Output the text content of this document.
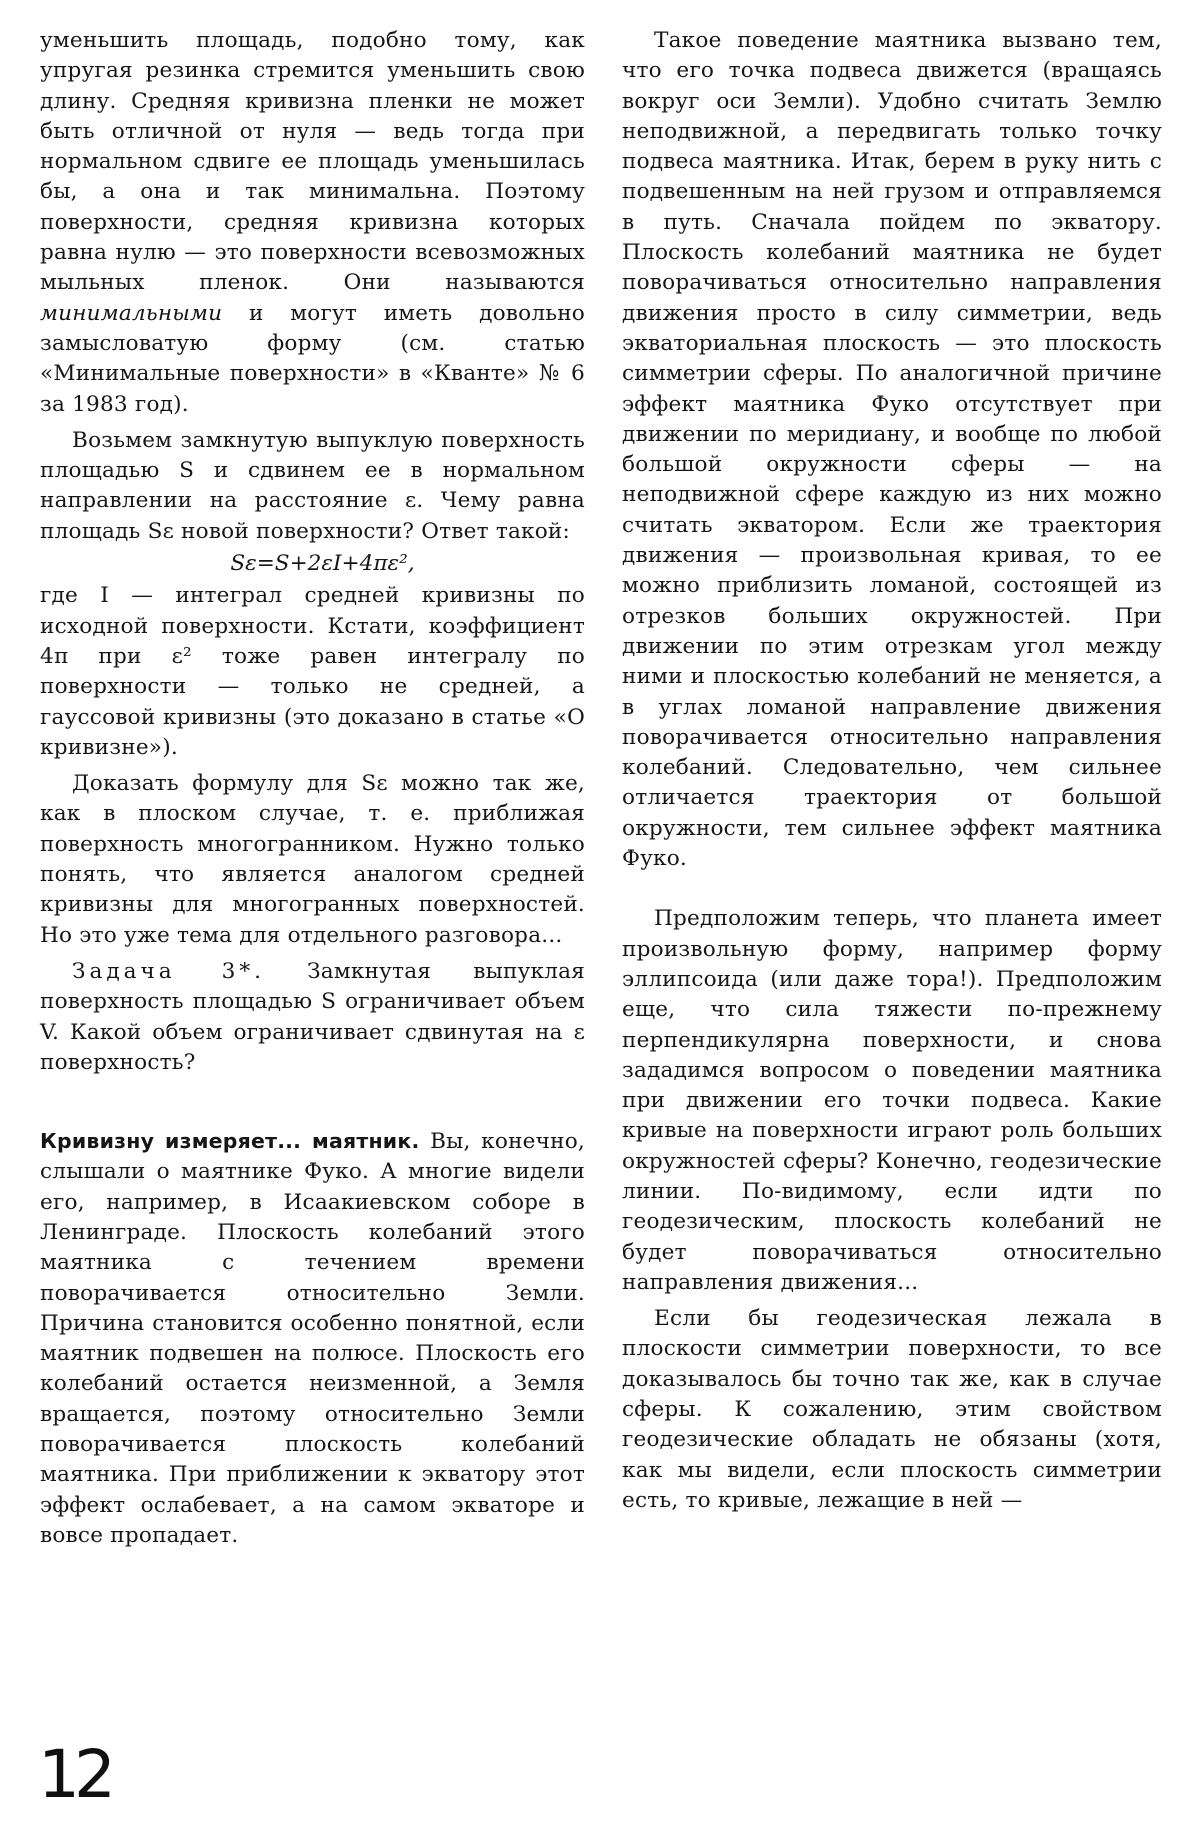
уменьшить площадь, подобно тому, как упругая резинка стремится уменьшить свою длину. Средняя кривизна пленки не может быть отличной от нуля — ведь тогда при нормальном сдвиге ее площадь уменьшилась бы, а она и так минимальна. Поэтому поверхности, средняя кривизна которых равна нулю — это поверхности всевозможных мыльных пленок. Они называются минимальными и могут иметь довольно замысловатую форму (см. статью «Минимальные поверхности» в «Кванте» № 6 за 1983 год).

Возьмем замкнутую выпуклую поверхность площадью S и сдвинем ее в нормальном направлении на расстояние ε. Чему равна площадь Sε новой поверхности? Ответ такой:

Sε=S+2εI+4πε²,

где I — интеграл средней кривизны по исходной поверхности. Кстати, коэффициент 4π при ε² тоже равен интегралу по поверхности — только не средней, а гауссовой кривизны (это доказано в статье «О кривизне»).

Доказать формулу для Sε можно так же, как в плоском случае, т. е. приближая поверхность многогранником. Нужно только понять, что является аналогом средней кривизны для многогранных поверхностей. Но это уже тема для отдельного разговора...

Задача 3*. Замкнутая выпуклая поверхность площадью S ограничивает объем V. Какой объем ограничивает сдвинутая на ε поверхность?

Кривизну измеряет... маятник. Вы, конечно, слышали о маятнике Фуко. А многие видели его, например, в Исаакиевском соборе в Ленинграде. Плоскость колебаний этого маятника с течением времени поворачивается относительно Земли. Причина становится особенно понятной, если маятник подвешен на полюсе. Плоскость его колебаний остается неизменной, а Земля вращается, поэтому относительно Земли поворачивается плоскость колебаний маятника. При приближении к экватору этот эффект ослабевает, а на самом экваторе и вовсе пропадает.

Такое поведение маятника вызвано тем, что его точка подвеса движется (вращаясь вокруг оси Земли). Удобно считать Землю неподвижной, а передвигать только точку подвеса маятника. Итак, берем в руку нить с подвешенным на ней грузом и отправляемся в путь. Сначала пойдем по экватору. Плоскость колебаний маятника не будет поворачиваться относительно направления движения просто в силу симметрии, ведь экваториальная плоскость — это плоскость симметрии сферы. По аналогичной причине эффект маятника Фуко отсутствует при движении по меридиану, и вообще по любой большой окружности сферы — на неподвижной сфере каждую из них можно считать экватором. Если же траектория движения — произвольная кривая, то ее можно приблизить ломаной, состоящей из отрезков больших окружностей. При движении по этим отрезкам угол между ними и плоскостью колебаний не меняется, а в углах ломаной направление движения поворачивается относительно направления колебаний. Следовательно, чем сильнее отличается траектория от большой окружности, тем сильнее эффект маятника Фуко.

Предположим теперь, что планета имеет произвольную форму, например форму эллипсоида (или даже тора!). Предположим еще, что сила тяжести по-прежнему перпендикулярна поверхности, и снова зададимся вопросом о поведении маятника при движении его точки подвеса. Какие кривые на поверхности играют роль больших окружностей сферы? Конечно, геодезические линии. По-видимому, если идти по геодезическим, плоскость колебаний не будет поворачиваться относительно направления движения...

Если бы геодезическая лежала в плоскости симметрии поверхности, то все доказывалось бы точно так же, как в случае сферы. К сожалению, этим свойством геодезические обладать не обязаны (хотя, как мы видели, если плоскость симметрии есть, то кривые, лежащие в ней —

12
